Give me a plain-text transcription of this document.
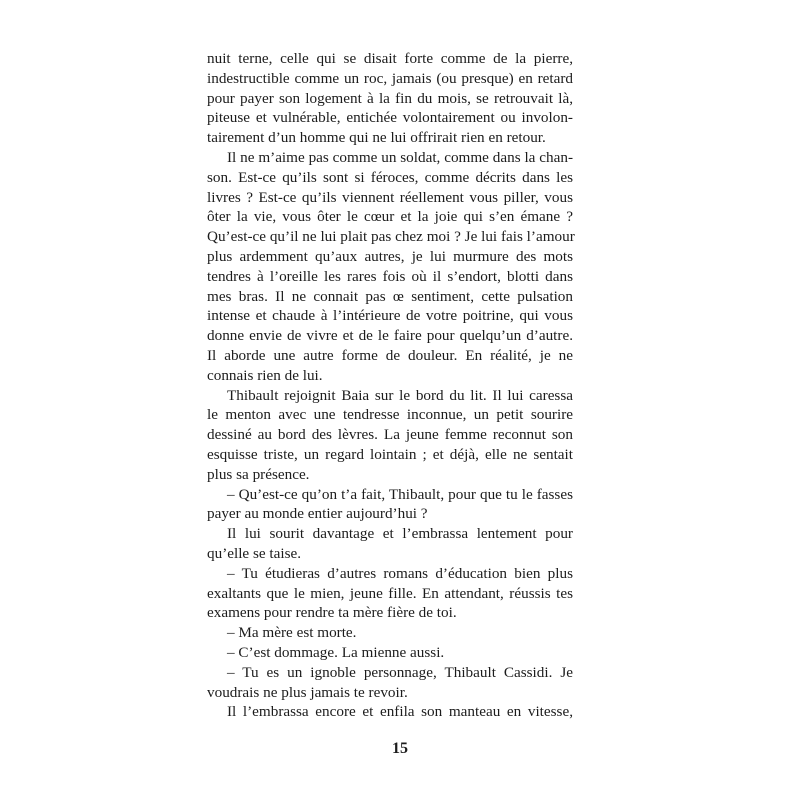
nuit terne, celle qui se disait forte comme de la pierre,
indestructible comme un roc, jamais (ou presque) en retard
pour payer son logement à la fin du mois, se retrouvait là,
piteuse et vulnérable, entichée volontairement ou involon-
tairement d’un homme qui ne lui offrirait rien en retour.
Il ne m’aime pas comme un soldat, comme dans la chan-
son. Est-ce qu’ils sont si féroces, comme décrits dans les
livres ? Est-ce qu’ils viennent réellement vous piller, vous
ôter la vie, vous ôter le cœur et la joie qui s’en émane ?
Qu’est-ce qu’il ne lui plait pas chez moi ? Je lui fais l’amour
plus ardemment qu’aux autres, je lui murmure des mots
tendres à l’oreille les rares fois où il s’endort, blotti dans
mes bras. Il ne connait pas œ sentiment, cette pulsation
intense et chaude à l’intérieure de votre poitrine, qui vous
donne envie de vivre et de le faire pour quelqu’un d’autre.
Il aborde une autre forme de douleur. En réalité, je ne
connais rien de lui.
Thibault rejoignit Baia sur le bord du lit. Il lui caressa
le menton avec une tendresse inconnue, un petit sourire
dessiné au bord des lèvres. La jeune femme reconnut son
esquisse triste, un regard lointain ; et déjà, elle ne sentait
plus sa présence.
– Qu’est-ce qu’on t’a fait, Thibault, pour que tu le fasses
payer au monde entier aujourd’hui ?
Il lui sourit davantage et l’embrassa lentement pour
qu’elle se taise.
– Tu étudieras d’autres romans d’éducation bien plus
exaltants que le mien, jeune fille. En attendant, réussis tes
examens pour rendre ta mère fière de toi.
– Ma mère est morte.
– C’est dommage. La mienne aussi.
– Tu es un ignoble personnage, Thibault Cassidi. Je
voudrais ne plus jamais te revoir.
Il l’embrassa encore et enfila son manteau en vitesse,
15
